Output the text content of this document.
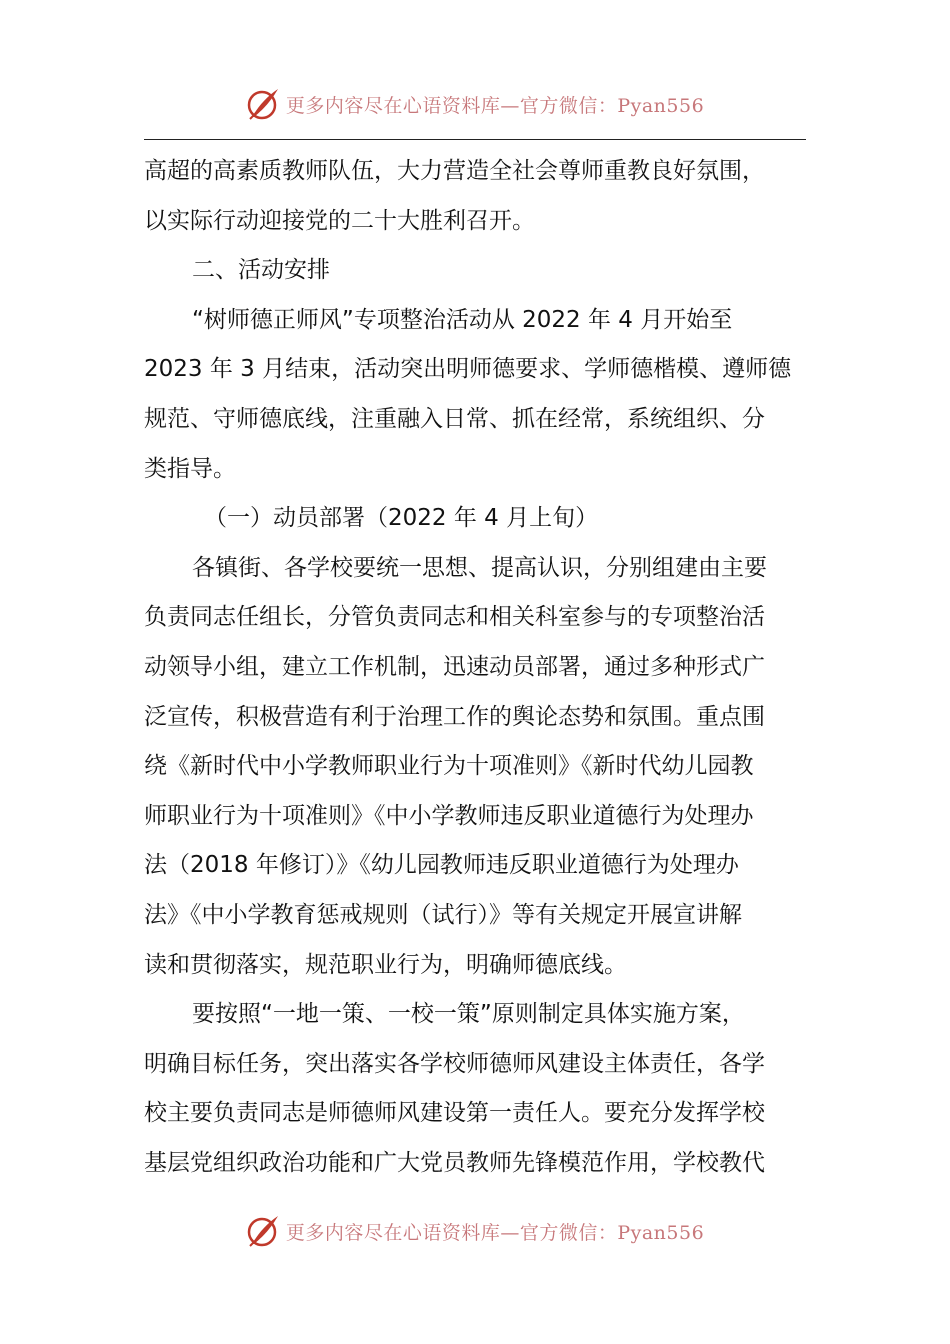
更多内容尽在心语资料库—官方微信：Pyan556
高超的高素质教师队伍，大力营造全社会尊师重教良好氛围，
以实际行动迎接党的二十大胜利召开。
二、活动安排
“树师德正师风”专项整治活动从 2022 年 4 月开始至
2023 年 3 月结束，活动突出明师德要求、学师德楷模、遵师德
规范、守师德底线，注重融入日常、抓在经常，系统组织、分
类指导。
（一）动员部署（2022 年 4 月上旬）
各镇街、各学校要统一思想、提高认识，分别组建由主要
负责同志任组长，分管负责同志和相关科室参与的专项整治活
动领导小组，建立工作机制，迅速动员部署，通过多种形式广
泛宣传，积极营造有利于治理工作的舆论态势和氛围。重点围
绕《新时代中小学教师职业行为十项准则》《新时代幼儿园教
师职业行为十项准则》《中小学教师违反职业道德行为处理办
法（2018 年修订）》《幼儿园教师违反职业道德行为处理办
法》《中小学教育惩戒规则（试行）》等有关规定开展宣讲解
读和贯彻落实，规范职业行为，明确师德底线。
要按照“一地一策、一校一策”原则制定具体实施方案，
明确目标任务，突出落实各学校师德师风建设主体责任，各学
校主要负责同志是师德师风建设第一责任人。要充分发挥学校
基层党组织政治功能和广大党员教师先锋模范作用，学校教代
更多内容尽在心语资料库—官方微信：Pyan556
